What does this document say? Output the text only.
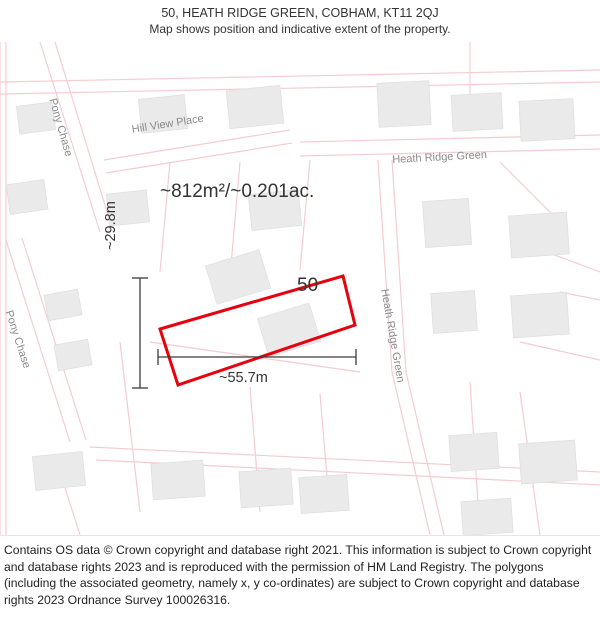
50, HEATH RIDGE GREEN, COBHAM, KT11 2QJ
Map shows position and indicative extent of the property.
~812m²/~0.201ac.
50
~55.7m
~29.8m
Hill View Place
Pony Chase
Pony Chase
Heath Ridge Green
Heath Ridge Green

Contains OS data © Crown copyright and database right 2021. This information is subject to Crown copyright and database rights 2023 and is reproduced with the permission of HM Land Registry. The polygons (including the associated geometry, namely x, y co-ordinates) are subject to Crown copyright and database rights 2023 Ordnance Survey 100026316.
